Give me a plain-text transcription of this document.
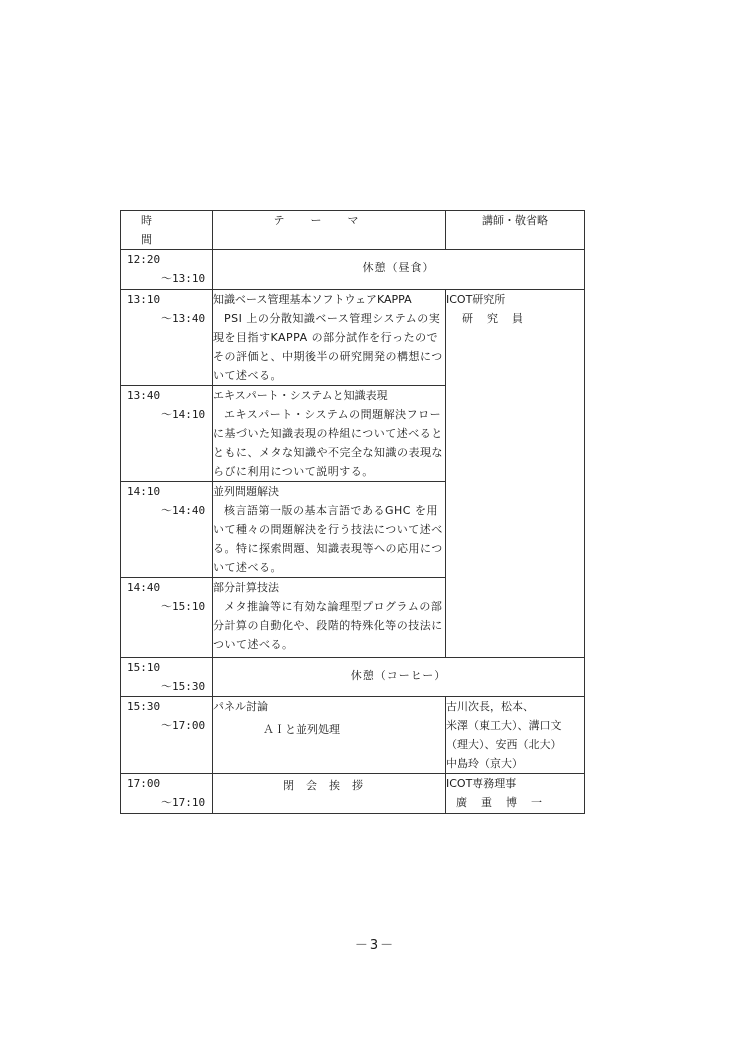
時間	テーマ	講師・敬省略

12:20
～13:10	休憩（昼食）	

13:10
～13:40	知識ベース管理基本ソフトウェアKAPPA
PSI 上の分散知識ベース管理システムの実現を目指すKAPPA の部分試作を行ったのでその評価と、中期後半の研究開発の構想について述べる。	ICOT研究所
研究員

13:40
～14:10	エキスパート・システムと知識表現
エキスパート・システムの問題解決フローに基づいた知識表現の枠組について述べるとともに、メタな知識や不完全な知識の表現ならびに利用について説明する。	

14:10
～14:40	並列問題解決
核言語第一版の基本言語であるGHC を用いて種々の問題解決を行う技法について述べる。特に探索問題、知識表現等への応用について述べる。	

14:40
～15:10	部分計算技法
メタ推論等に有効な論理型プログラムの部分計算の自動化や、段階的特殊化等の技法について述べる。	

15:10
～15:30	休憩（コーヒー）	

15:30
～17:00	パネル討論
ＡＩと並列処理	古川次長，松本、
米澤（東工大）、溝口文
（理大）、安西（北大）
中島玲（京大）

17:00
～17:10	閉会挨拶	ICOT専務理事
廣重博一
－3－
